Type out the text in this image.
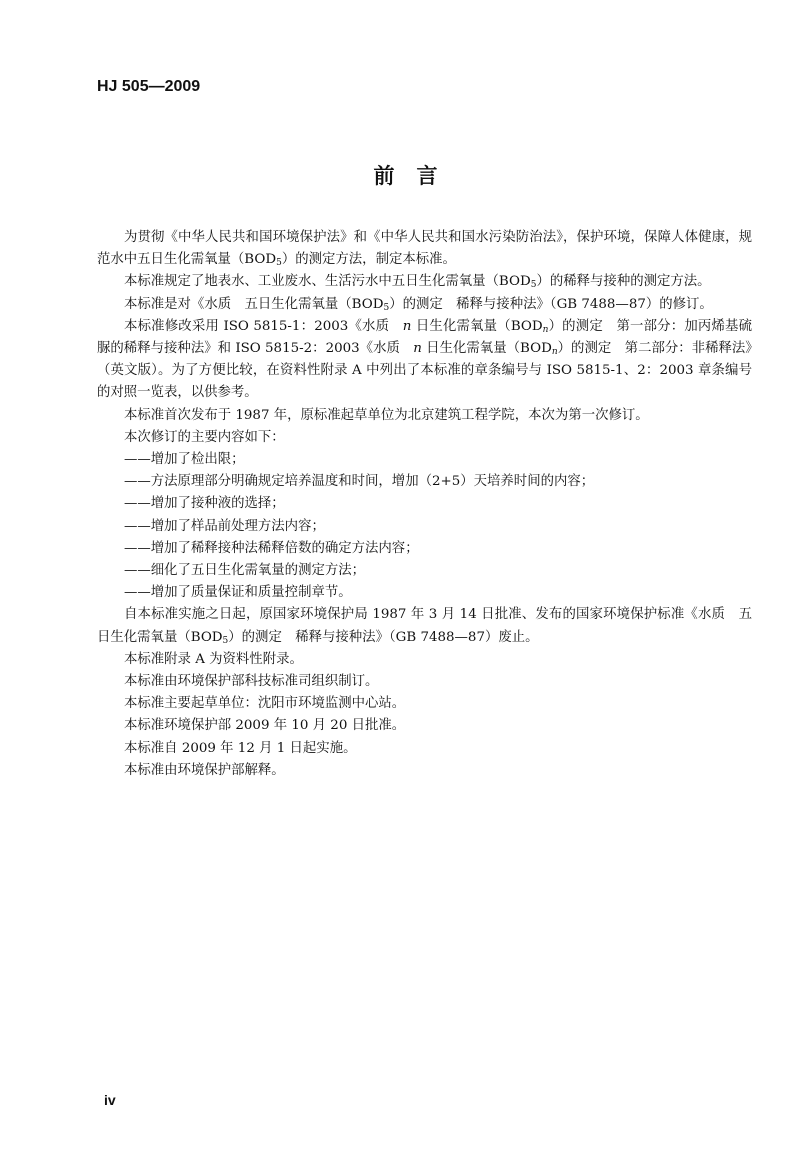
HJ 505—2009
前言

为贯彻《中华人民共和国环境保护法》和《中华人民共和国水污染防治法》，保护环境，保障人体健康，规范水中五日生化需氧量$(BOD_5)$的测定方法，制定本标准。

本标准规定了地表水、工业废水、生活污水中五日生化需氧量$(BOD_5)$的稀释与接种的测定方法。

本标准是对《水质　五日生化需氧量$(BOD_5)$的测定　稀释与接种法》（GB 7488—87）的修订。

本标准修改采用 ISO 5815-1：2003《水质　n 日生化需氧量$(BOD_n)$的测定　第一部分：加丙烯基硫脲的稀释与接种法》和 ISO 5815-2：2003《水质　n 日生化需氧量$(BOD_n)$的测定　第二部分：非稀释法》（英文版）。为了方便比较，在资料性附录 A 中列出了本标准的章条编号与 ISO 5815-1、2：2003 章条编号的对照一览表，以供参考。

本标准首次发布于 1987 年，原标准起草单位为北京建筑工程学院，本次为第一次修订。

本次修订的主要内容如下：

——增加了检出限；

——方法原理部分明确规定培养温度和时间，增加（2+5）天培养时间的内容；

——增加了接种液的选择；

——增加了样品前处理方法内容；

——增加了稀释接种法稀释倍数的确定方法内容；

——细化了五日生化需氧量的测定方法；

——增加了质量保证和质量控制章节。

自本标准实施之日起，原国家环境保护局 1987 年 3 月 14 日批准、发布的国家环境保护标准《水质　五日生化需氧量$(BOD_5)$的测定　稀释与接种法》（GB 7488—87）废止。

本标准附录 A 为资料性附录。

本标准由环境保护部科技标准司组织制订。

本标准主要起草单位：沈阳市环境监测中心站。

本标准环境保护部 2009 年 10 月 20 日批准。

本标准自 2009 年 12 月 1 日起实施。

本标准由环境保护部解释。

iv
